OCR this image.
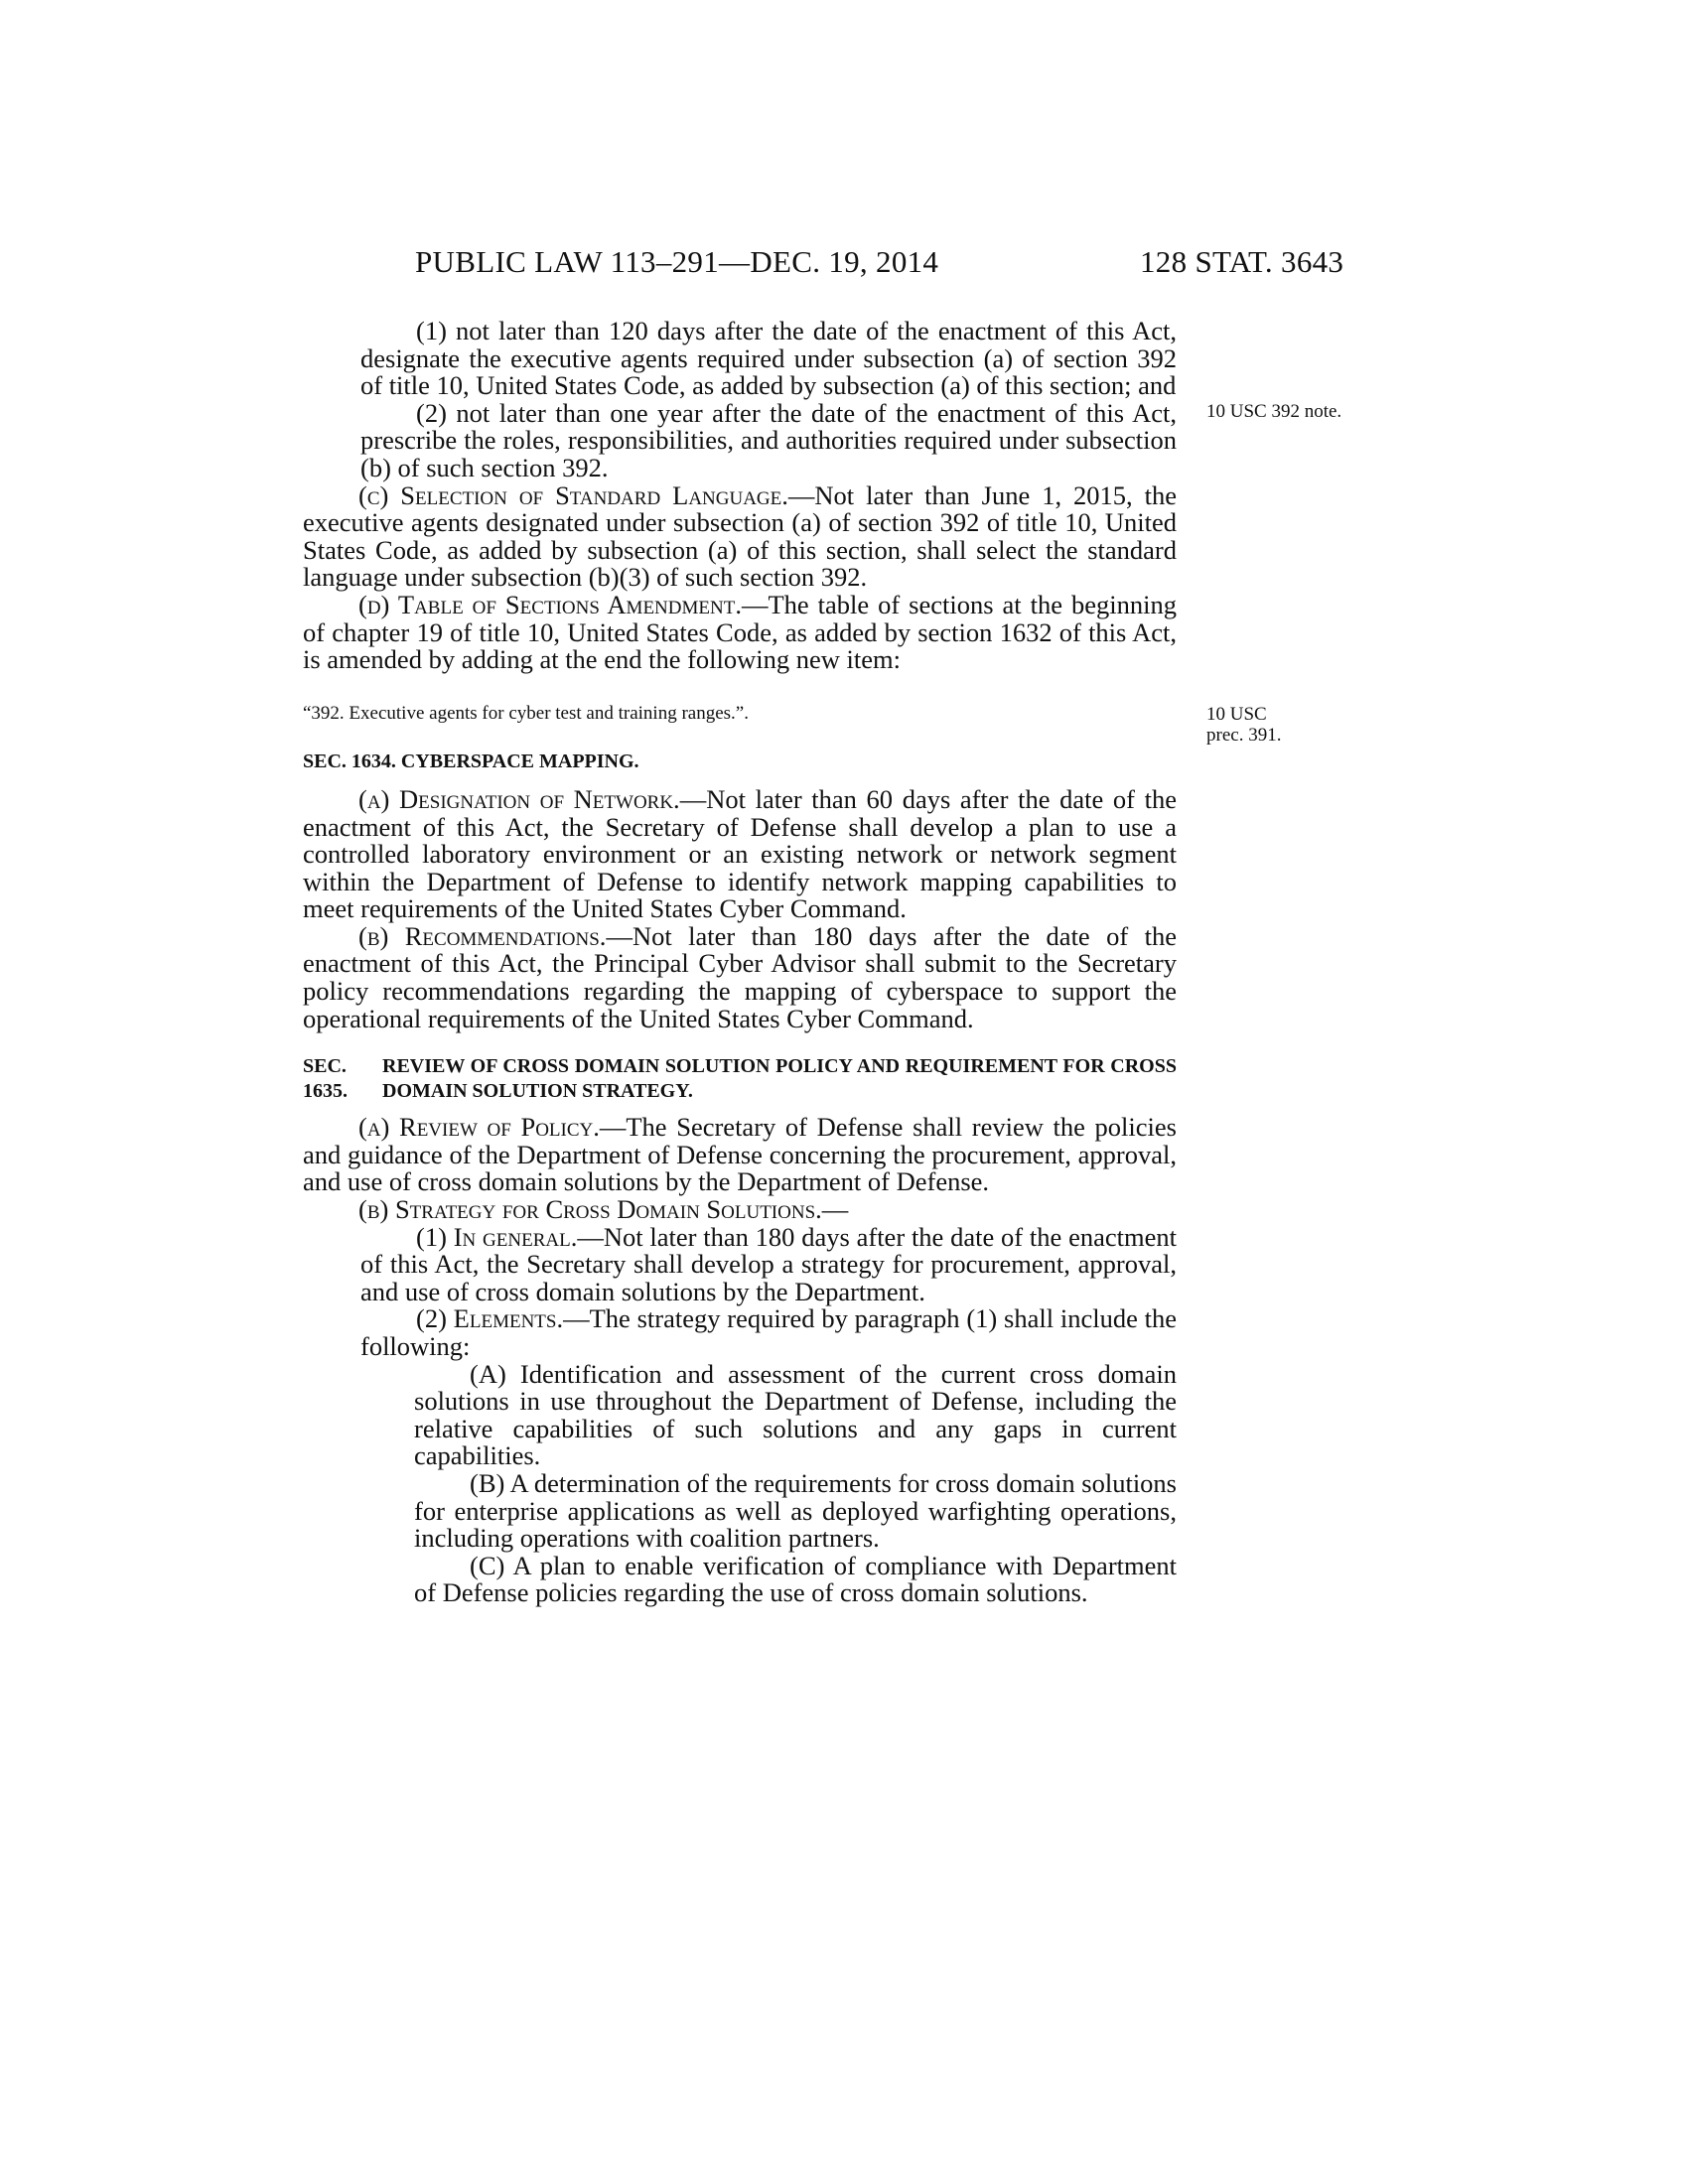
PUBLIC LAW 113–291—DEC. 19, 2014	128 STAT. 3643
10 USC 392 note.
10 USC prec. 391.

(1) not later than 120 days after the date of the enactment of this Act, designate the executive agents required under subsection (a) of section 392 of title 10, United States Code, as added by subsection (a) of this section; and

(2) not later than one year after the date of the enactment of this Act, prescribe the roles, responsibilities, and authorities required under subsection (b) of such section 392.

(c) Selection of Standard Language.—Not later than June 1, 2015, the executive agents designated under subsection (a) of section 392 of title 10, United States Code, as added by subsection (a) of this section, shall select the standard language under subsection (b)(3) of such section 392.

(d) Table of Sections Amendment.—The table of sections at the beginning of chapter 19 of title 10, United States Code, as added by section 1632 of this Act, is amended by adding at the end the following new item:

“392. Executive agents for cyber test and training ranges.”.
SEC. 1634. CYBERSPACE MAPPING.

(a) Designation of Network.—Not later than 60 days after the date of the enactment of this Act, the Secretary of Defense shall develop a plan to use a controlled laboratory environment or an existing network or network segment within the Department of Defense to identify network mapping capabilities to meet requirements of the United States Cyber Command.

(b) Recommendations.—Not later than 180 days after the date of the enactment of this Act, the Principal Cyber Advisor shall submit to the Secretary policy recommendations regarding the mapping of cyberspace to support the operational requirements of the United States Cyber Command.

SEC. 1635.
REVIEW OF CROSS DOMAIN SOLUTION POLICY AND REQUIREMENT FOR CROSS DOMAIN SOLUTION STRATEGY.

(a) Review of Policy.—The Secretary of Defense shall review the policies and guidance of the Department of Defense concerning the procurement, approval, and use of cross domain solutions by the Department of Defense.

(b) Strategy for Cross Domain Solutions.—

(1) In general.—Not later than 180 days after the date of the enactment of this Act, the Secretary shall develop a strategy for procurement, approval, and use of cross domain solutions by the Department.

(2) Elements.—The strategy required by paragraph (1) shall include the following:

(A) Identification and assessment of the current cross domain solutions in use throughout the Department of Defense, including the relative capabilities of such solutions and any gaps in current capabilities.

(B) A determination of the requirements for cross domain solutions for enterprise applications as well as deployed warfighting operations, including operations with coalition partners.

(C) A plan to enable verification of compliance with Department of Defense policies regarding the use of cross domain solutions.
